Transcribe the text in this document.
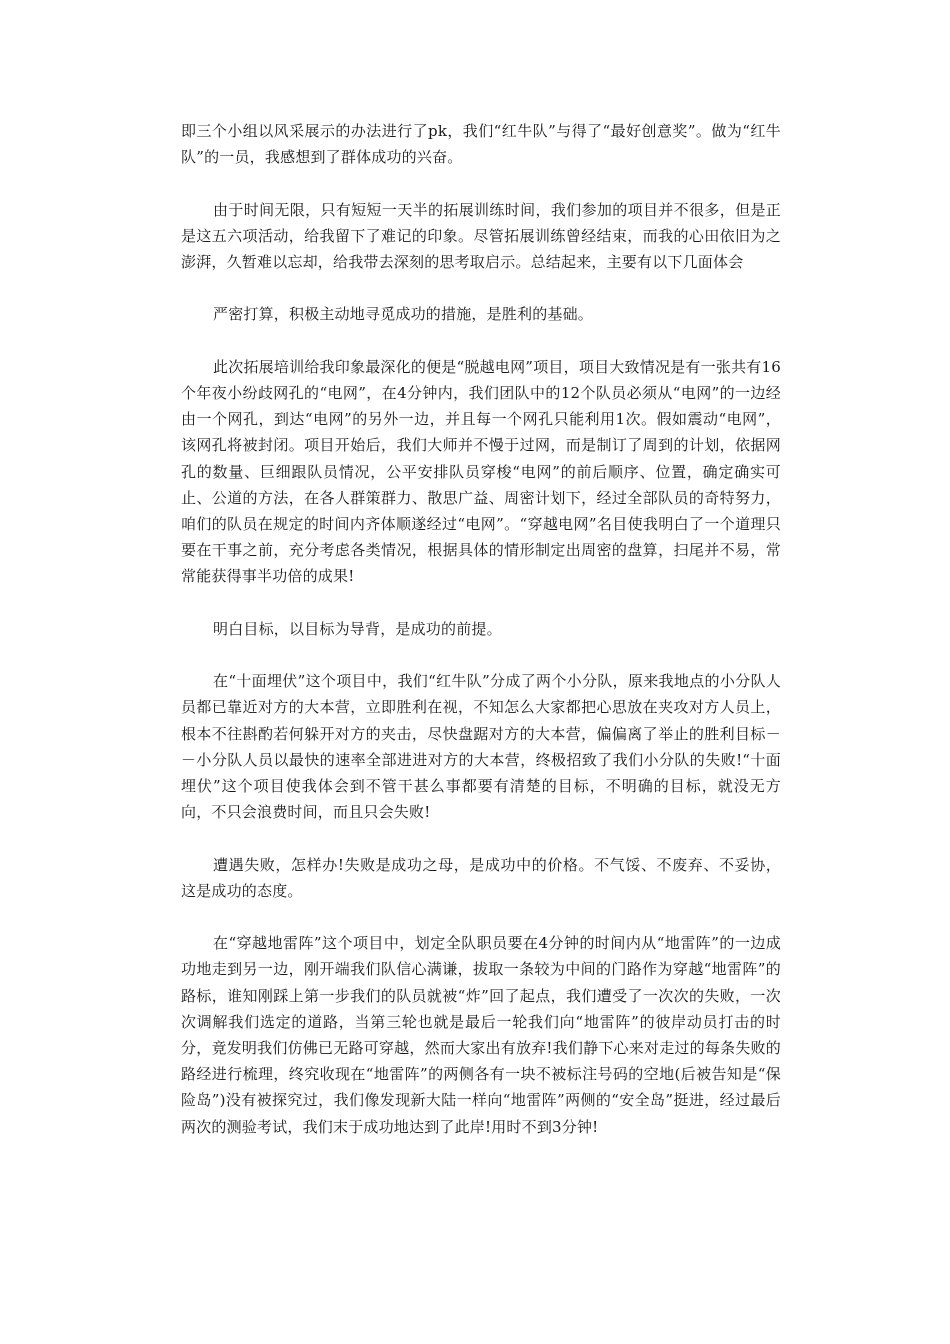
即三个小组以风采展示的办法进行了pk，我们“红牛队”与得了“最好创意奖”。做为“红牛队”的一员，我感想到了群体成功的兴奋。

由于时间无限，只有短短一天半的拓展训练时间，我们参加的项目并不很多，但是正是这五六项活动，给我留下了难记的印象。尽管拓展训练曾经结束，而我的心田依旧为之澎湃，久暂难以忘却，给我带去深刻的思考取启示。总结起来，主要有以下几面体会

严密打算，积极主动地寻觅成功的措施，是胜利的基础。

此次拓展培训给我印象最深化的便是“脱越电网”项目，项目大致情况是有一张共有16个年夜小纷歧网孔的“电网”，在4分钟内，我们团队中的12个队员必须从“电网”的一边经由一个网孔，到达“电网”的另外一边，并且每一个网孔只能利用1次。假如震动“电网”，该网孔将被封闭。项目开始后，我们大师并不慢于过网，而是制订了周到的计划，依据网孔的数量、巨细跟队员情况，公平安排队员穿梭“电网”的前后顺序、位置，确定确实可止、公道的方法，在各人群策群力、散思广益、周密计划下，经过全部队员的奇特努力，咱们的队员在规定的时间内齐体顺遂经过“电网”。“穿越电网”名目使我明白了一个道理只要在干事之前，充分考虑各类情况，根据具体的情形制定出周密的盘算，扫尾并不易，常常能获得事半功倍的成果!

明白目标，以目标为导背，是成功的前提。

在“十面埋伏”这个项目中，我们“红牛队”分成了两个小分队，原来我地点的小分队人员都已靠近对方的大本营，立即胜利在视，不知怎么大家都把心思放在夹攻对方人员上，根本不往斟酌若何躲开对方的夹击，尽快盘踞对方的大本营，偏偏离了举止的胜利目标－－小分队人员以最快的速率全部进进对方的大本营，终极招致了我们小分队的失败!“十面埋伏”这个项目使我体会到不管干甚么事都要有清楚的目标，不明确的目标，就没无方向，不只会浪费时间，而且只会失败!

遭遇失败，怎样办!失败是成功之母，是成功中的价格。不气馁、不废弃、不妥协，这是成功的态度。

在“穿越地雷阵”这个项目中，划定全队职员要在4分钟的时间内从“地雷阵”的一边成功地走到另一边，刚开端我们队信心满谦，拔取一条较为中间的门路作为穿越“地雷阵”的路标，谁知刚踩上第一步我们的队员就被“炸”回了起点，我们遭受了一次次的失败，一次次调解我们选定的道路，当第三轮也就是最后一轮我们向“地雷阵”的彼岸动员打击的时分，竟发明我们仿佛已无路可穿越，然而大家出有放弃!我们静下心来对走过的每条失败的路经进行梳理，终究收现在“地雷阵”的两侧各有一块不被标注号码的空地(后被告知是“保险岛”)没有被探究过，我们像发现新大陆一样向“地雷阵”两侧的“安全岛”挺进，经过最后两次的测验考试，我们末于成功地达到了此岸!用时不到3分钟!
